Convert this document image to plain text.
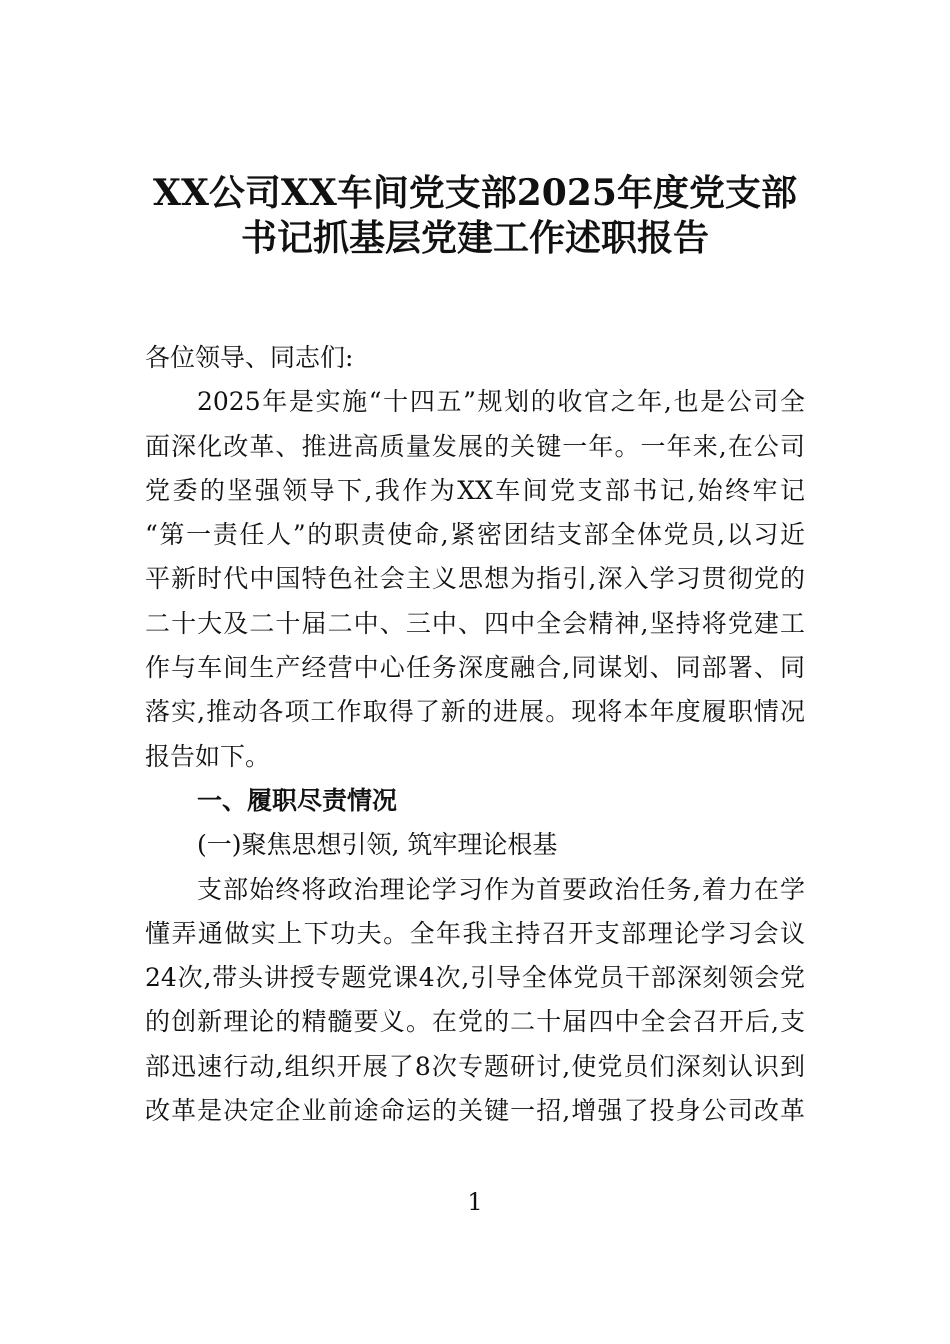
XX公司XX车间党支部2025年度党支部
书记抓基层党建工作述职报告
各位领导、同志们:
2025年是实施“十四五”规划的收官之年,也是公司全
面深化改革、推进高质量发展的关键一年。一年来,在公司
党委的坚强领导下,我作为XX车间党支部书记,始终牢记
“第一责任人”的职责使命,紧密团结支部全体党员,以习近
平新时代中国特色社会主义思想为指引,深入学习贯彻党的
二十大及二十届二中、三中、四中全会精神,坚持将党建工
作与车间生产经营中心任务深度融合,同谋划、同部署、同
落实,推动各项工作取得了新的进展。现将本年度履职情况
报告如下。
一、履职尽责情况
(一)聚焦思想引领, 筑牢理论根基
支部始终将政治理论学习作为首要政治任务,着力在学
懂弄通做实上下功夫。全年我主持召开支部理论学习会议
24次,带头讲授专题党课4次,引导全体党员干部深刻领会党
的创新理论的精髓要义。在党的二十届四中全会召开后,支
部迅速行动,组织开展了8次专题研讨,使党员们深刻认识到
改革是决定企业前途命运的关键一招,增强了投身公司改革
1
